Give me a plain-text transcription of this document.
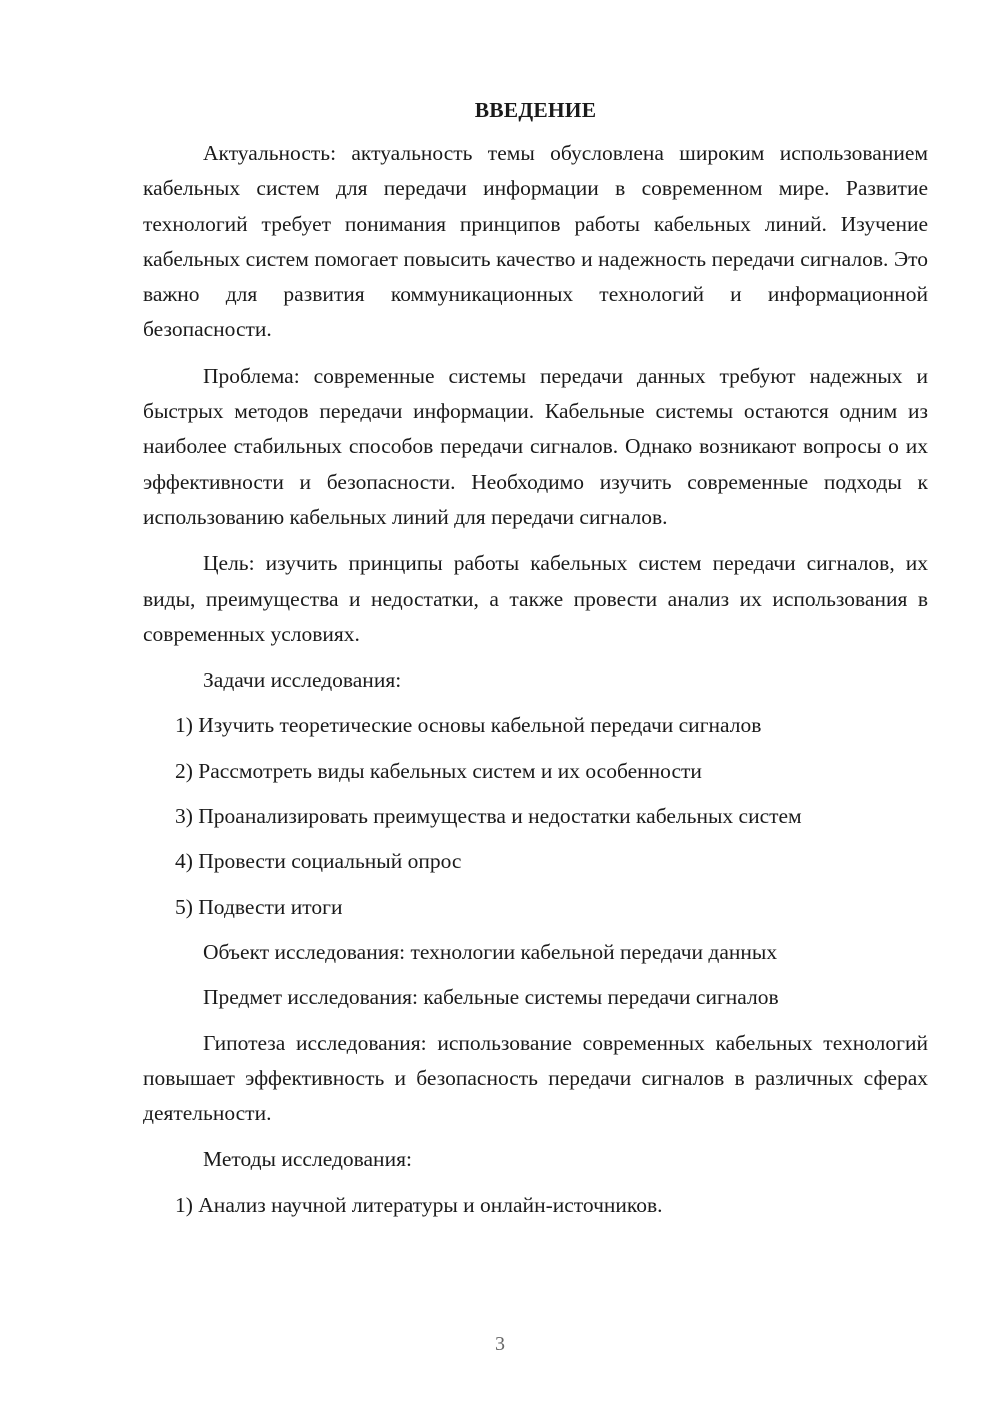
ВВЕДЕНИЕ

Актуальность: актуальность темы обусловлена широким использованием кабельных систем для передачи информации в современном мире. Развитие технологий требует понимания принципов работы кабельных линий. Изучение кабельных систем помогает повысить качество и надежность передачи сигналов. Это важно для развития коммуникационных технологий и информационной безопасности.

Проблема: современные системы передачи данных требуют надежных и быстрых методов передачи информации. Кабельные системы остаются одним из наиболее стабильных способов передачи сигналов. Однако возникают вопросы о их эффективности и безопасности. Необходимо изучить современные подходы к использованию кабельных линий для передачи сигналов.

Цель: изучить принципы работы кабельных систем передачи сигналов, их виды, преимущества и недостатки, а также провести анализ их использования в современных условиях.

Задачи исследования:
1) Изучить теоретические основы кабельной передачи сигналов
2) Рассмотреть виды кабельных систем и их особенности
3) Проанализировать преимущества и недостатки кабельных систем
4) Провести социальный опрос
5) Подвести итоги
Объект исследования: технологии кабельной передачи данных
Предмет исследования: кабельные системы передачи сигналов

Гипотеза исследования: использование современных кабельных технологий повышает эффективность и безопасность передачи сигналов в различных сферах деятельности.

Методы исследования:
1) Анализ научной литературы и онлайн-источников.
3
